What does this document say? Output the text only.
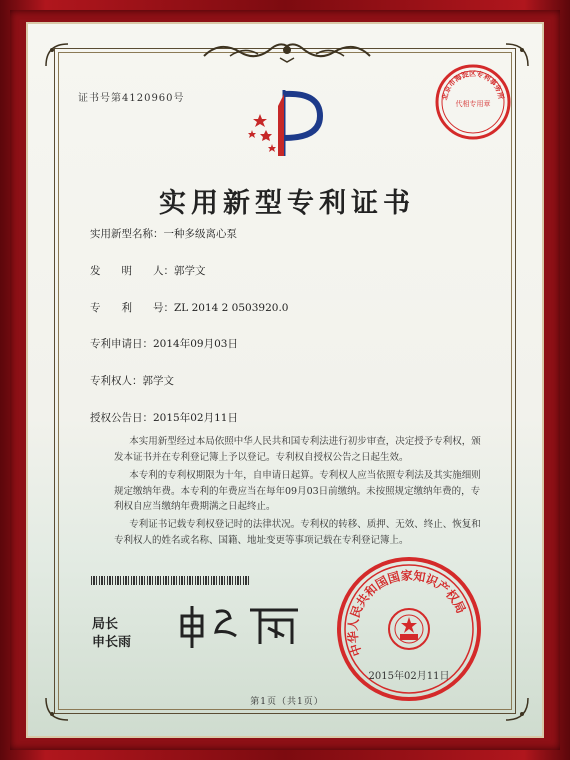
证书号第4120960号	北京市海淀区专利事务所
代相专用章
实用新型专利证书
实用新型名称：一种多级离心泵
发　　明　　人：郭学文
专　　利　　号：ZL 2014 2 0503920.0
专利申请日：2014年09月03日
专利权人：郭学文
授权公告日：2015年02月11日
本实用新型经过本局依照中华人民共和国专利法进行初步审查，决定授予专利权，颁发本证书并在专利登记簿上予以登记。专利权自授权公告之日起生效。
本专利的专利权期限为十年，自申请日起算。专利权人应当依照专利法及其实施细则规定缴纳年费。本专利的年费应当在每年09月03日前缴纳。未按照规定缴纳年费的，专利权自应当缴纳年费期满之日起终止。
专利证书记载专利权登记时的法律状况。专利权的转移、质押、无效、终止、恢复和专利权人的姓名或名称、国籍、地址变更等事项记载在专利登记簿上。
局长
申长雨	中华人民共和国国家知识产权局
2015年02月11日
第1页（共1页）
